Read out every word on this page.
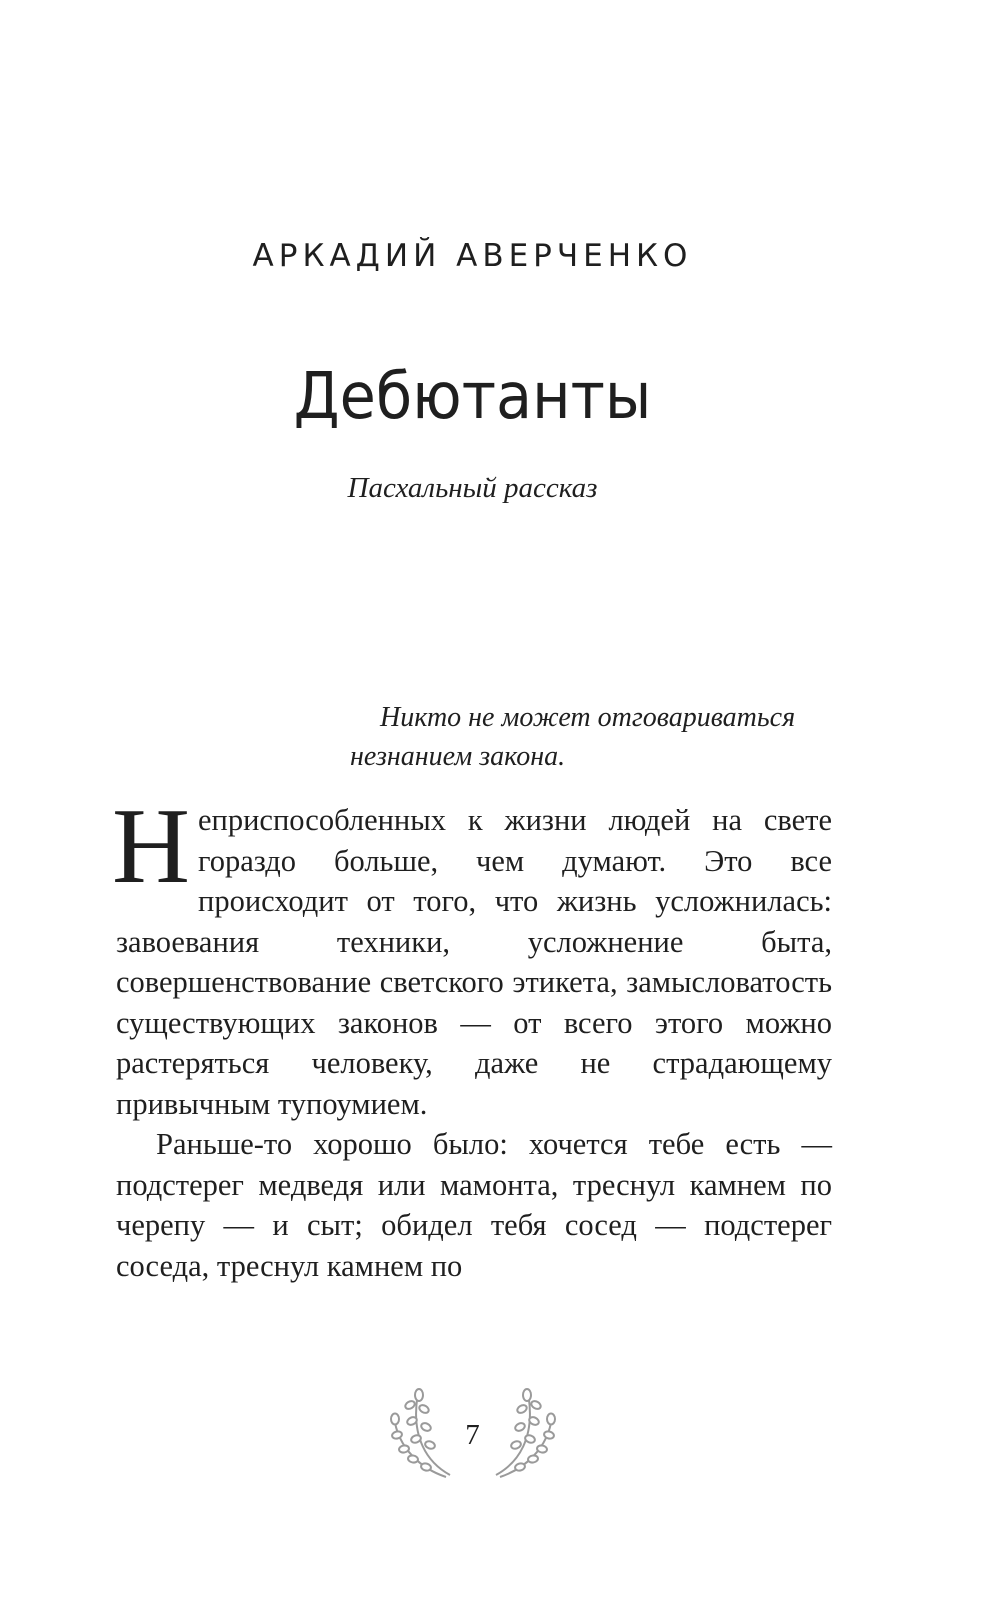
АРКАДИЙ АВЕРЧЕНКО
Дебютанты
Пасхальный рассказ
Никто не может отговариваться
незнанием закона.

Неприспособленных к жизни людей на свете гораздо больше, чем думают. Это все происходит от того, что жизнь усложнилась: завоевания техники, усложнение быта, совершенствование светского этикета, замысловатость существующих законов — от всего этого можно растеряться человеку, даже не страдающему привычным тупоумием.

Раньше-то хорошо было: хочется тебе есть — подстерег медведя или мамонта, треснул камнем по черепу — и сыт; обидел тебя сосед — подстерег соседа, треснул камнем по

7
